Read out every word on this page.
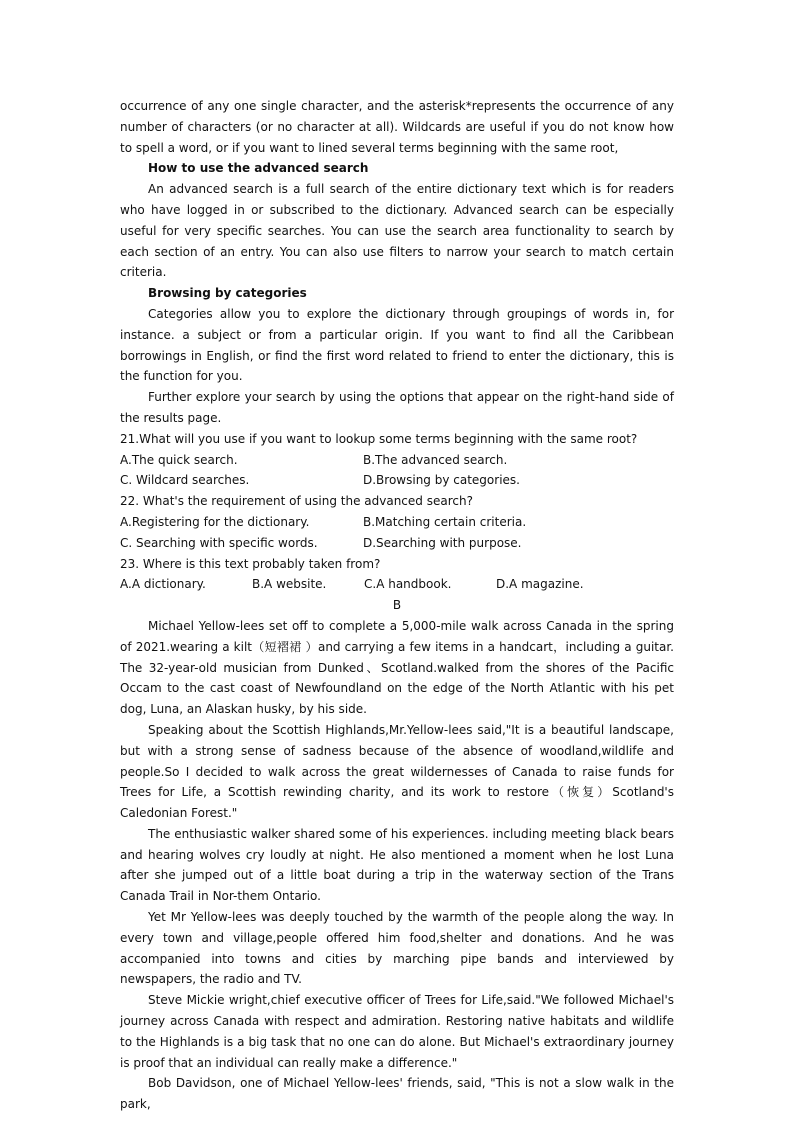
occurrence of any one single character, and the asterisk*represents the occurrence of any number of characters (or no character at all). Wildcards are useful if you do not know how to spell a word, or if you want to lined several terms beginning with the same root,

How to use the advanced search

An advanced search is a full search of the entire dictionary text which is for readers who have logged in or subscribed to the dictionary. Advanced search can be especially useful for very specific searches. You can use the search area functionality to search by each section of an entry. You can also use filters to narrow your search to match certain criteria.

Browsing by categories

Categories allow you to explore the dictionary through groupings of words in, for instance. a subject or from a particular origin. If you want to find all the Caribbean borrowings in English, or find the first word related to friend to enter the dictionary, this is the function for you.

Further explore your search by using the options that appear on the right-hand side of the results page.

21.What will you use if you want to lookup some terms beginning with the same root?

A.The quick search.	B.The advanced search.
C. Wildcard searches.	D.Browsing by categories.

22. What's the requirement of using the advanced search?

A.Registering for the dictionary.	B.Matching certain criteria.
C. Searching with specific words.	D.Searching with purpose.

23. Where is this text probably taken from?

A.A dictionary.	B.A website.	C.A handbook.	D.A magazine.

B

Michael Yellow-lees set off to complete a 5,000-mile walk across Canada in the spring of 2021.wearing a kilt（短褶裙 ）and carrying a few items in a handcart，including a guitar. The 32-year-old musician from Dunked、Scotland.walked from the shores of the Pacific Occam to the cast coast of Newfoundland on the edge of the North Atlantic with his pet dog, Luna, an Alaskan husky, by his side.

Speaking about the Scottish Highlands,Mr.Yellow-lees said,"It is a beautiful landscape, but with a strong sense of sadness because of the absence of woodland,wildlife and people.So I decided to walk across the great wildernesses of Canada to raise funds for Trees for Life, a Scottish rewinding charity, and its work to restore（恢复）Scotland's Caledonian Forest."

The enthusiastic walker shared some of his experiences. including meeting black bears and hearing wolves cry loudly at night. He also mentioned a moment when he lost Luna after she jumped out of a little boat during a trip in the waterway section of the Trans Canada Trail in Nor-them Ontario.

Yet Mr Yellow-lees was deeply touched by the warmth of the people along the way. In every town and village,people offered him food,shelter and donations. And he was accompanied into towns and cities by marching pipe bands and interviewed by newspapers, the radio and TV.

Steve Mickie wright,chief executive officer of Trees for Life,said."We followed Michael's journey across Canada with respect and admiration. Restoring native habitats and wildlife to the Highlands is a big task that no one can do alone. But Michael's extraordinary journey is proof that an individual can really make a difference."

Bob Davidson, one of Michael Yellow-lees' friends, said, "This is not a slow walk in the park,
